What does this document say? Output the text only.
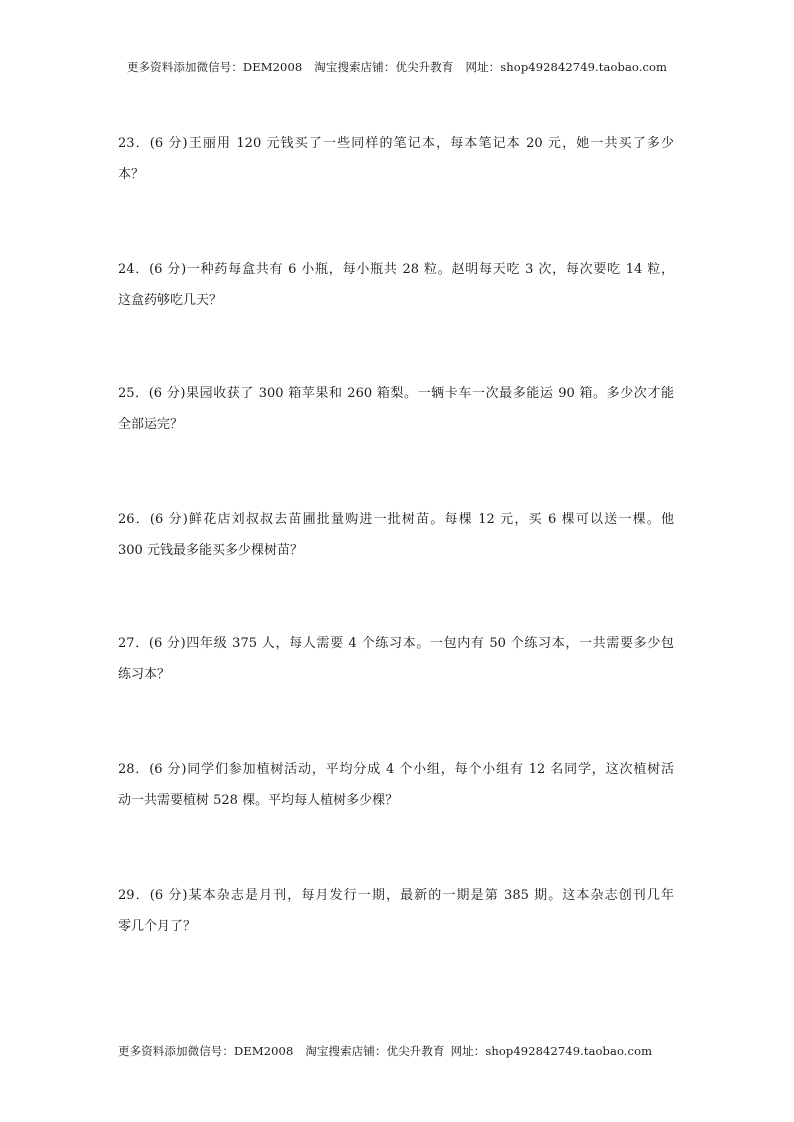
更多资料添加微信号：DEM2008 淘宝搜索店铺：优尖升教育 网址：shop492842749.taobao.com
23．(6 分)王丽用 120 元钱买了一些同样的笔记本，每本笔记本 20 元，她一共买了多少
本？
24．(6 分)一种药每盒共有 6 小瓶，每小瓶共 28 粒。赵明每天吃 3 次，每次要吃 14 粒，
这盒药够吃几天？
25．(6 分)果园收获了 300 箱苹果和 260 箱梨。一辆卡车一次最多能运 90 箱。多少次才能
全部运完？
26．(6 分)鲜花店刘叔叔去苗圃批量购进一批树苗。每棵 12 元，买 6 棵可以送一棵。他
300 元钱最多能买多少棵树苗？
27．(6 分)四年级 375 人，每人需要 4 个练习本。一包内有 50 个练习本，一共需要多少包
练习本？
28．(6 分)同学们参加植树活动，平均分成 4 个小组，每个小组有 12 名同学，这次植树活
动一共需要植树 528 棵。平均每人植树多少棵？
29．(6 分)某本杂志是月刊，每月发行一期，最新的一期是第 385 期。这本杂志创刊几年
零几个月了？
更多资料添加微信号：DEM2008 淘宝搜索店铺：优尖升教育 网址：shop492842749.taobao.com
